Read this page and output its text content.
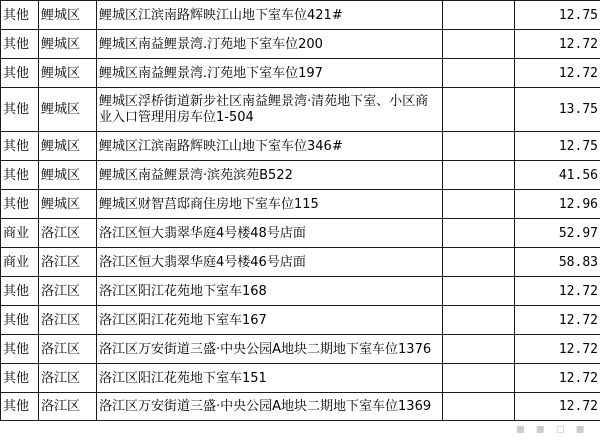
其他	鲤城区	鲤城区江滨南路辉映江山地下室车位421#		12.75
其他	鲤城区	鲤城区南益鲤景湾.汀苑地下室车位200		12.72
其他	鲤城区	鲤城区南益鲤景湾.汀苑地下室车位197		12.72
其他	鲤城区	鲤城区浮桥街道新步社区南益鲤景湾·清苑地下室、小区商业入口管理用房车位1-504		13.75
其他	鲤城区	鲤城区江滨南路辉映江山地下室车位346#		12.75
其他	鲤城区	鲤城区南益鲤景湾·滨苑滨苑B522		41.56
其他	鲤城区	鲤城区财智莒邸商住房地下室车位115		12.96
商业	洛江区	洛江区恒大翡翠华庭4号楼48号店面		52.97
商业	洛江区	洛江区恒大翡翠华庭4号楼46号店面		58.83
其他	洛江区	洛江区阳江花苑地下室车168		12.72
其他	洛江区	洛江区阳江花苑地下室车167		12.72
其他	洛江区	洛江区万安街道三盛·中央公园A地块二期地下室车位1376		12.72
其他	洛江区	洛江区阳江花苑地下室车151		12.72
其他	洛江区	洛江区万安街道三盛·中央公园A地块二期地下室车位1369		12.72
▪ ▪ ▫ ▪
